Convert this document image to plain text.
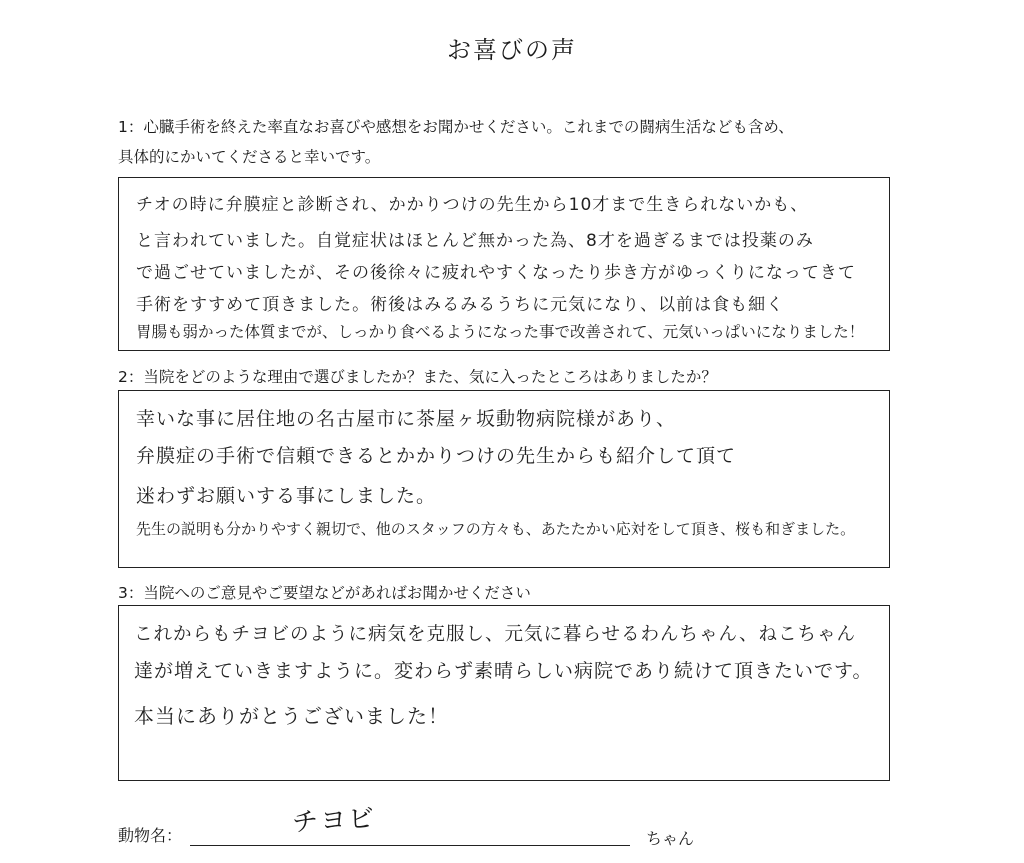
お喜びの声
1：心臓手術を終えた率直なお喜びや感想をお聞かせください。これまでの闘病生活なども含め、
具体的にかいてくださると幸いです。
チオの時に弁膜症と診断され、かかりつけの先生から10才まで生きられないかも、
と言われていました。自覚症状はほとんど無かった為、8才を過ぎるまでは投薬のみ
で過ごせていましたが、その後徐々に疲れやすくなったり歩き方がゆっくりになってきて
手術をすすめて頂きました。術後はみるみるうちに元気になり、以前は食も細く
胃腸も弱かった体質までが、しっかり食べるようになった事で改善されて、元気いっぱいになりました！
2：当院をどのような理由で選びましたか？また、気に入ったところはありましたか？
幸いな事に居住地の名古屋市に茶屋ヶ坂動物病院様があり、
弁膜症の手術で信頼できるとかかりつけの先生からも紹介して頂て
迷わずお願いする事にしました。
先生の説明も分かりやすく親切で、他のスタッフの方々も、あたたかい応対をして頂き、桜も和ぎました。
3：当院へのご意見やご要望などがあればお聞かせください
これからもチヨビのように病気を克服し、元気に暮らせるわんちゃん、ねこちゃん
達が増えていきますように。変わらず素晴らしい病院であり続けて頂きたいです。
本当にありがとうございました！
動物名：	チヨビ
ちゃん
